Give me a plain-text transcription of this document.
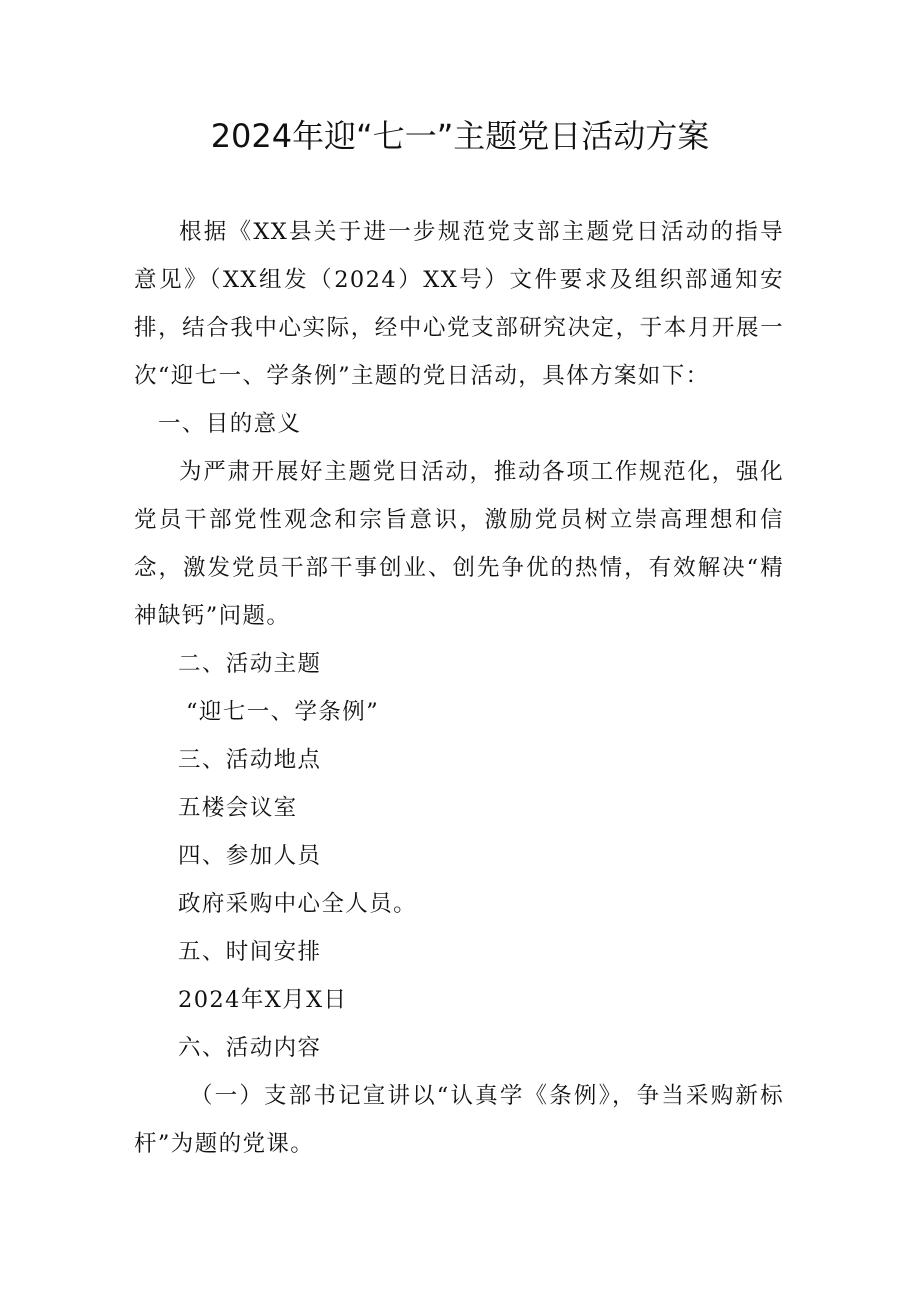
2024年迎“七一”主题党日活动方案
根据《XX县关于进一步规范党支部主题党日活动的指导意见》（XX组发（2024）XX号）文件要求及组织部通知安排，结合我中心实际，经中心党支部研究决定，于本月开展一次“迎七一、学条例”主题的党日活动，具体方案如下：
一、目的意义
为严肃开展好主题党日活动，推动各项工作规范化，强化党员干部党性观念和宗旨意识，激励党员树立崇高理想和信念，激发党员干部干事创业、创先争优的热情，有效解决“精神缺钙”问题。
二、活动主题
“迎七一、学条例”
三、活动地点
五楼会议室
四、参加人员
政府采购中心全人员。
五、时间安排
2024年X月X日
六、活动内容
（一）支部书记宣讲以“认真学《条例》，争当采购新标杆”为题的党课。
